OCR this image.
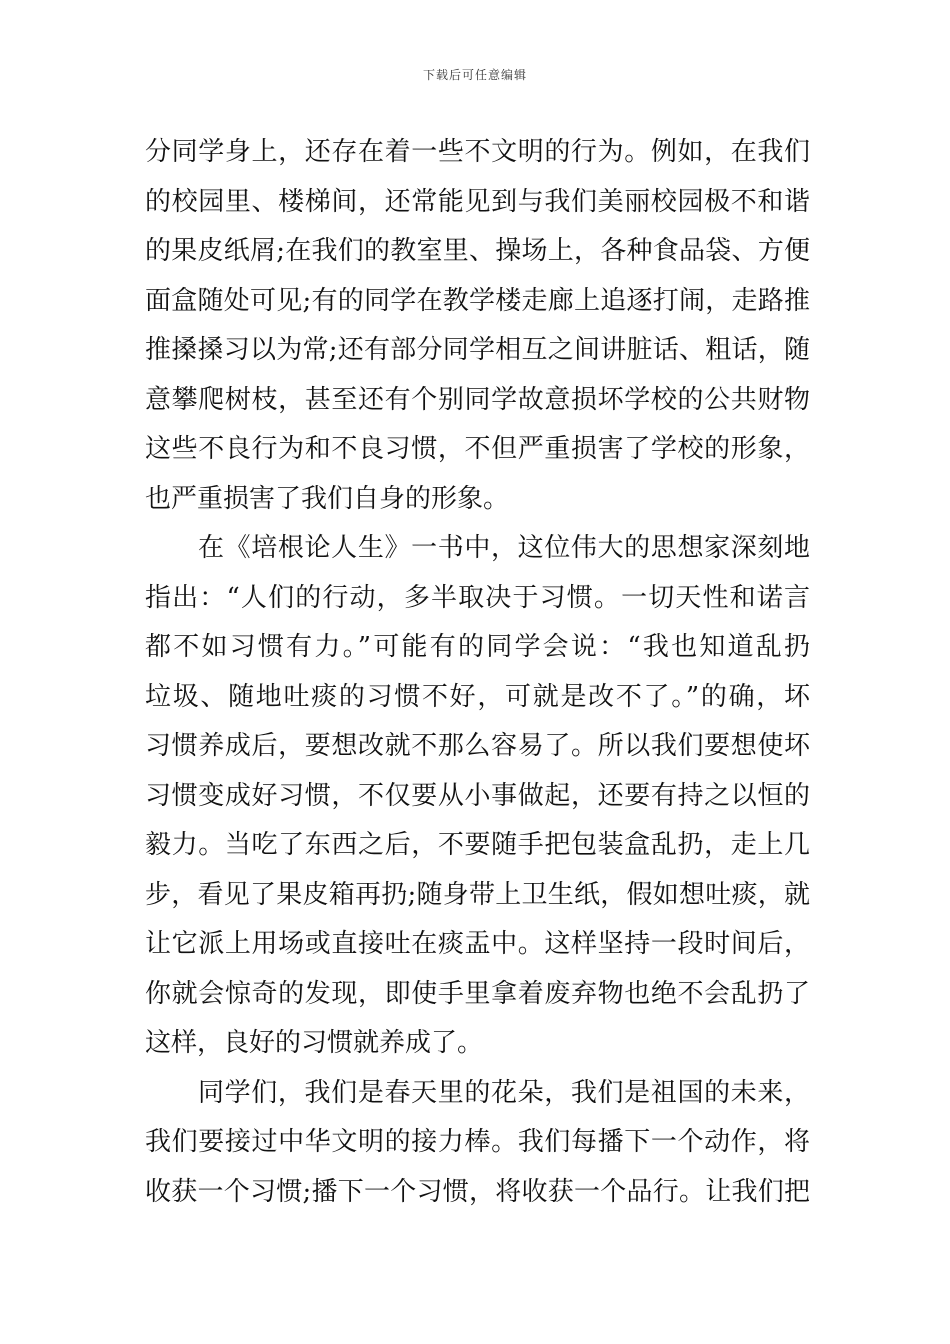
下载后可任意编辑
分同学身上，还存在着一些不文明的行为。例如，在我们
的校园里、楼梯间，还常能见到与我们美丽校园极不和谐
的果皮纸屑;在我们的教室里、操场上，各种食品袋、方便
面盒随处可见;有的同学在教学楼走廊上追逐打闹，走路推
推搡搡习以为常;还有部分同学相互之间讲脏话、粗话，随
意攀爬树枝，甚至还有个别同学故意损坏学校的公共财物
这些不良行为和不良习惯，不但严重损害了学校的形象，
也严重损害了我们自身的形象。
在《培根论人生》一书中，这位伟大的思想家深刻地
指出：“人们的行动，多半取决于习惯。一切天性和诺言
都不如习惯有力。”可能有的同学会说：“我也知道乱扔
垃圾、随地吐痰的习惯不好，可就是改不了。”的确，坏
习惯养成后，要想改就不那么容易了。所以我们要想使坏
习惯变成好习惯，不仅要从小事做起，还要有持之以恒的
毅力。当吃了东西之后，不要随手把包装盒乱扔，走上几
步，看见了果皮箱再扔;随身带上卫生纸，假如想吐痰，就
让它派上用场或直接吐在痰盂中。这样坚持一段时间后，
你就会惊奇的发现，即使手里拿着废弃物也绝不会乱扔了
这样，良好的习惯就养成了。
同学们，我们是春天里的花朵，我们是祖国的未来，
我们要接过中华文明的接力棒。我们每播下一个动作，将
收获一个习惯;播下一个习惯，将收获一个品行。让我们把
